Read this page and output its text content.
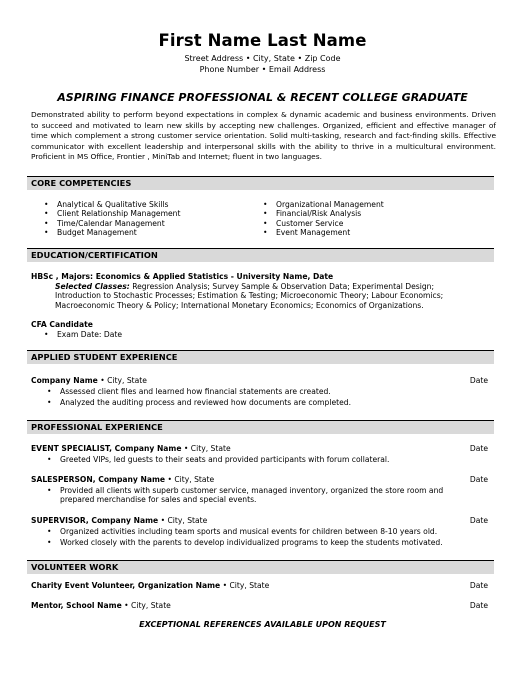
First Name Last Name
Street Address • City, State • Zip Code
Phone Number • Email Address
ASPIRING FINANCE PROFESSIONAL & RECENT COLLEGE GRADUATE
Demonstrated ability to perform beyond expectations in complex & dynamic academic and business environments. Driven to succeed and motivated to learn new skills by accepting new challenges. Organized, efficient and effective manager of time which complement a strong customer service orientation. Solid multi-tasking, research and fact-finding skills. Effective communicator with excellent leadership and interpersonal skills with the ability to thrive in a multicultural environment. Proficient in MS Office, Frontier , MiniTab and Internet; fluent in two languages.
CORE COMPETENCIES
• Analytical & Qualitative Skills
• Client Relationship Management
• Time/Calendar Management
• Budget Management
• Organizational Management
• Financial/Risk Analysis
• Customer Service
• Event Management
EDUCATION/CERTIFICATION
HBSc , Majors: Economics & Applied Statistics - University Name, Date
Selected Classes: Regression Analysis; Survey Sample & Observation Data; Experimental Design;
Introduction to Stochastic Processes; Estimation & Testing; Microeconomic Theory; Labour Economics;
Macroeconomic Theory & Policy; International Monetary Economics; Economics of Organizations.
CFA Candidate
• Exam Date: Date
APPLIED STUDENT EXPERIENCE
Company Name • City, State	Date
• Assessed client files and learned how financial statements are created.
• Analyzed the auditing process and reviewed how documents are completed.
PROFESSIONAL EXPERIENCE
EVENT SPECIALIST, Company Name • City, State	Date
• Greeted VIPs, led guests to their seats and provided participants with forum collateral.
SALESPERSON, Company Name • City, State	Date
• Provided all clients with superb customer service, managed inventory, organized the store room and
prepared merchandise for sales and special events.
SUPERVISOR, Company Name • City, State	Date
• Organized activities including team sports and musical events for children between 8-10 years old.
• Worked closely with the parents to develop individualized programs to keep the students motivated.
VOLUNTEER WORK
Charity Event Volunteer, Organization Name • City, State	Date
Mentor, School Name • City, State	Date
EXCEPTIONAL REFERENCES AVAILABLE UPON REQUEST
